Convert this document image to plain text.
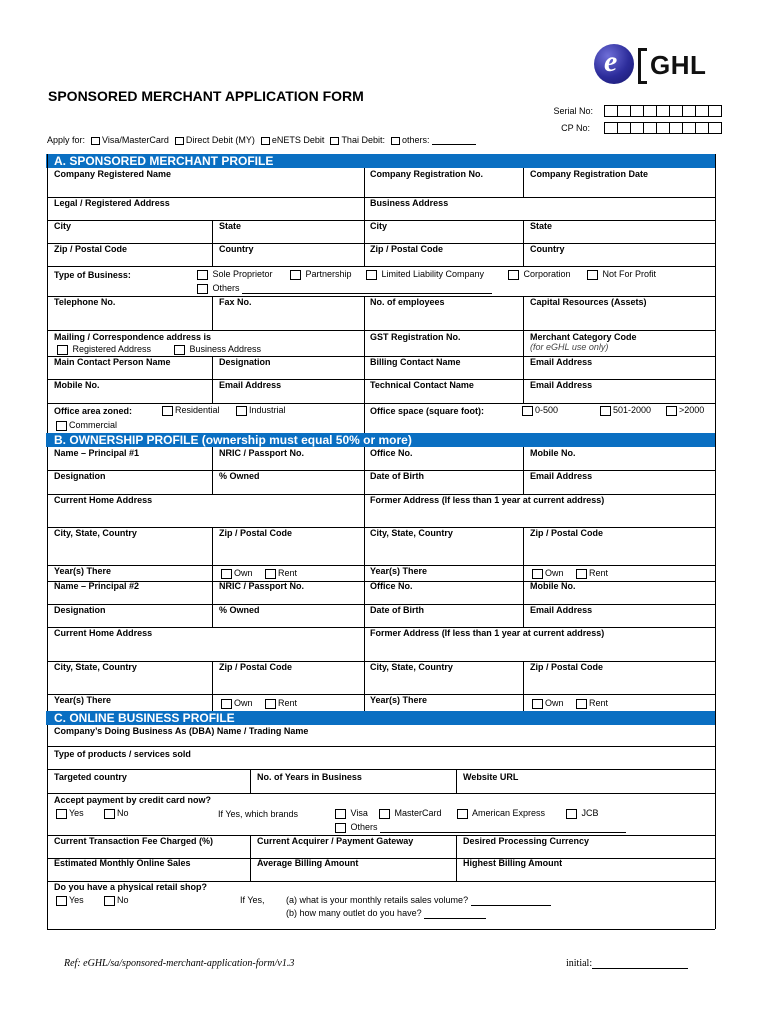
e GHL
SPONSORED MERCHANT APPLICATION FORM
Serial No:
CP No:
Apply for:	Visa/MasterCard	Direct Debit (MY)	eNETS Debit	Thai Debit:	others:
A. SPONSORED MERCHANT PROFILE
Company Registered Name	Company Registration No.	Company Registration Date
Legal / Registered Address	Business Address
City	State	City	State
Zip / Postal Code	Country	Zip / Postal Code	Country
Type of Business:	Sole Proprietor	Partnership	Limited Liability Company	Corporation	Not For Profit
Others
Telephone No.	Fax No.	No. of employees	Capital Resources (Assets)
Mailing / Correspondence address is
Registered Address	Business Address
GST Registration No.	Merchant Category Code
(for eGHL use only)
Main Contact Person Name	Designation	Billing Contact Name	Email Address
Mobile No.	Email Address	Technical Contact Name	Email Address
Office area zoned:	Residential	Industrial
Commercial
Office space (square foot):	0-500	501-2000	>2000
B. OWNERSHIP PROFILE (ownership must equal 50% or more)
Name – Principal #1	NRIC / Passport No.	Office No.	Mobile No.
Designation	% Owned	Date of Birth	Email Address
Current Home Address	Former Address (If less than 1 year at current address)
City, State, Country	Zip / Postal Code	City, State, Country	Zip / Postal Code
Year(s) There	Own	Rent	Year(s) There	Own	Rent
Name – Principal #2	NRIC / Passport No.	Office No.	Mobile No.
Designation	% Owned	Date of Birth	Email Address
Current Home Address	Former Address (If less than 1 year at current address)
City, State, Country	Zip / Postal Code	City, State, Country	Zip / Postal Code
Year(s) There	Own	Rent	Year(s) There	Own	Rent
C. ONLINE BUSINESS PROFILE
Company’s Doing Business As (DBA) Name / Trading Name
Type of products / services sold
Targeted country	No. of Years in Business	Website URL
Accept payment by credit card now?
Yes	No	If Yes, which brands	Visa	MasterCard	American Express	JCB
Others
Current Transaction Fee Charged (%)	Current Acquirer / Payment Gateway	Desired Processing Currency
Estimated Monthly Online Sales	Average Billing Amount	Highest Billing Amount
Do you have a physical retail shop?
Yes	No	If Yes, (a) what is your monthly retails sales volume?
(b) how many outlet do you have?
Ref: eGHL/sa/sponsored-merchant-application-form/v1.3	initial:
